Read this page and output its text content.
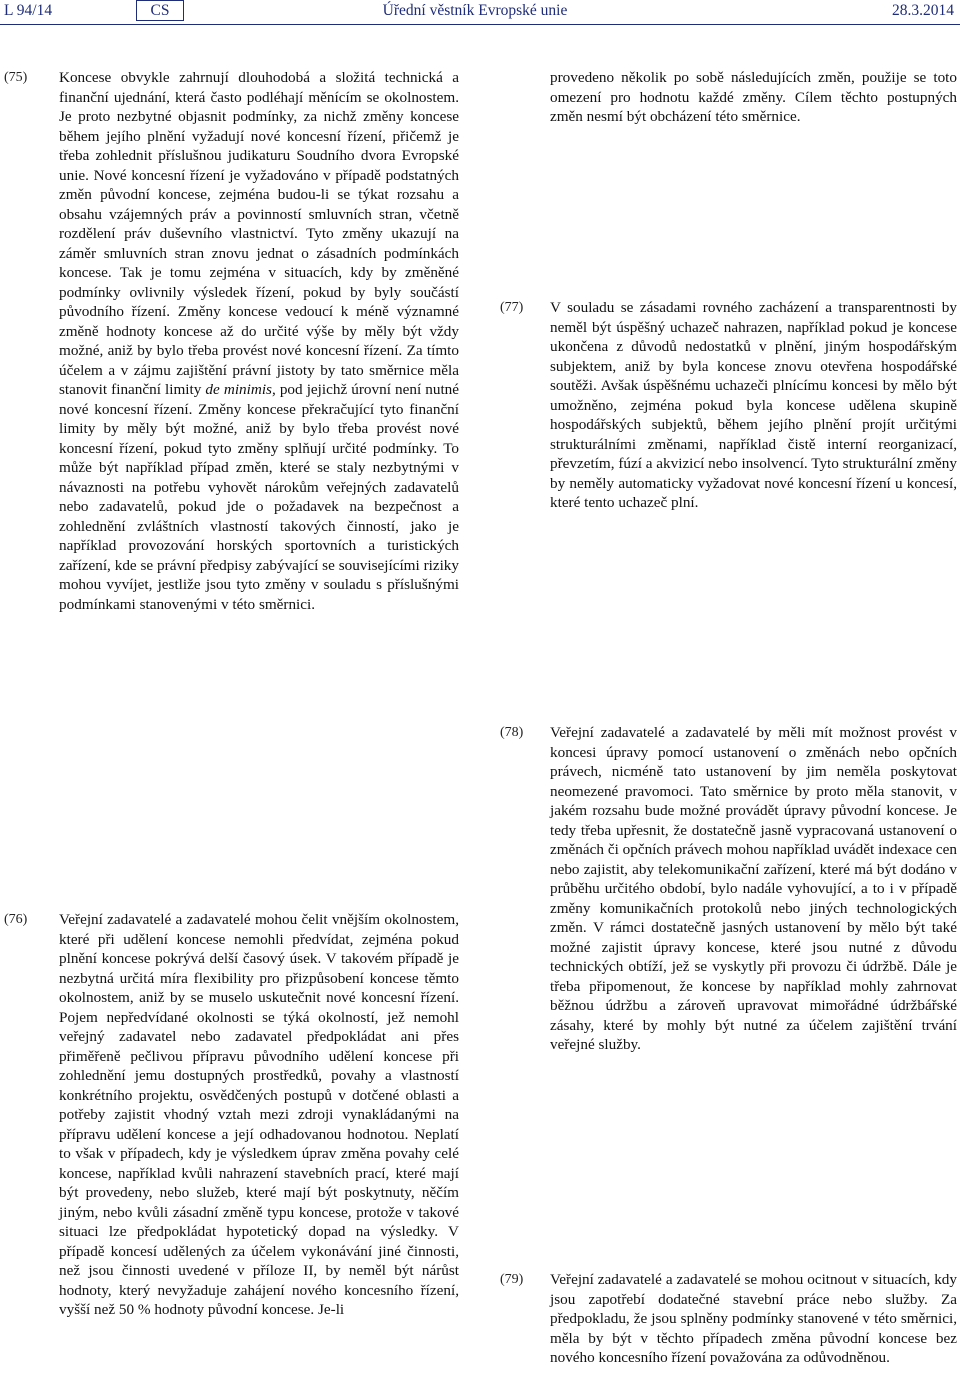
L 94/14	CS	Úřední věstník Evropské unie	28.3.2014
(75) Koncese obvykle zahrnují dlouhodobá a složitá technická a finanční ujednání, která často podléhají měnícím se okolnostem. Je proto nezbytné objasnit podmínky, za nichž změny koncese během jejího plnění vyžadují nové koncesní řízení, přičemž je třeba zohlednit příslušnou judikaturu Soudního dvora Evropské unie. Nové koncesní řízení je vyžadováno v případě podstatných změn původní koncese, zejména budou-li se týkat rozsahu a obsahu vzájemných práv a povinností smluvních stran, včetně rozdělení práv duševního vlastnictví. Tyto změny ukazují na záměr smluvních stran znovu jednat o zásadních podmínkách koncese. Tak je tomu zejména v situacích, kdy by změněné podmínky ovlivnily výsledek řízení, pokud by byly součástí původního řízení. Změny koncese vedoucí k méně významné změně hodnoty koncese až do určité výše by měly být vždy možné, aniž by bylo třeba provést nové koncesní řízení. Za tímto účelem a v zájmu zajištění právní jistoty by tato směrnice měla stanovit finanční limity de minimis, pod jejichž úrovní není nutné nové koncesní řízení. Změny koncese překračující tyto finanční limity by měly být možné, aniž by bylo třeba provést nové koncesní řízení, pokud tyto změny splňují určité podmínky. To může být například případ změn, které se staly nezbytnými v návaznosti na potřebu vyhovět nárokům veřejných zadavatelů nebo zadavatelů, pokud jde o požadavek na bezpečnost a zohlednění zvláštních vlastností takových činností, jako je například provozování horských sportovních a turistických zařízení, kde se právní předpisy zabývající se souvisejícími riziky mohou vyvíjet, jestliže jsou tyto změny v souladu s příslušnými podmínkami stanovenými v této směrnici.
(76) Veřejní zadavatelé a zadavatelé mohou čelit vnějším okolnostem, které při udělení koncese nemohli předvídat, zejména pokud plnění koncese pokrývá delší časový úsek. V takovém případě je nezbytná určitá míra flexibility pro přizpůsobení koncese těmto okolnostem, aniž by se muselo uskutečnit nové koncesní řízení. Pojem nepředvídané okolnosti se týká okolností, jež nemohl veřejný zadavatel nebo zadavatel předpokládat ani přes přiměřeně pečlivou přípravu původního udělení koncese při zohlednění jemu dostupných prostředků, povahy a vlastností konkrétního projektu, osvědčených postupů v dotčené oblasti a potřeby zajistit vhodný vztah mezi zdroji vynakládanými na přípravu udělení koncese a její odhadovanou hodnotou. Neplatí to však v případech, kdy je výsledkem úprav změna povahy celé koncese, například kvůli nahrazení stavebních prací, které mají být provedeny, nebo služeb, které mají být poskytnuty, něčím jiným, nebo kvůli zásadní změně typu koncese, protože v takové situaci lze předpokládat hypotetický dopad na výsledky. V případě koncesí udělených za účelem vykonávání jiné činnosti, než jsou činnosti uvedené v příloze II, by neměl být nárůst hodnoty, který nevyžaduje zahájení nového koncesního řízení, vyšší než 50 % hodnoty původní koncese. Je-li
provedeno několik po sobě následujících změn, použije se toto omezení pro hodnotu každé změny. Cílem těchto postupných změn nesmí být obcházení této směrnice.
(77) V souladu se zásadami rovného zacházení a transparentnosti by neměl být úspěšný uchazeč nahrazen, například pokud je koncese ukončena z důvodů nedostatků v plnění, jiným hospodářským subjektem, aniž by byla koncese znovu otevřena hospodářské soutěži. Avšak úspěšnému uchazeči plnícímu koncesi by mělo být umožněno, zejména pokud byla koncese udělena skupině hospodářských subjektů, během jejího plnění projít určitými strukturálními změnami, například čistě interní reorganizací, převzetím, fúzí a akvizicí nebo insolvencí. Tyto strukturální změny by neměly automaticky vyžadovat nové koncesní řízení u koncesí, které tento uchazeč plní.
(78) Veřejní zadavatelé a zadavatelé by měli mít možnost provést v koncesi úpravy pomocí ustanovení o změnách nebo opčních právech, nicméně tato ustanovení by jim neměla poskytovat neomezené pravomoci. Tato směrnice by proto měla stanovit, v jakém rozsahu bude možné provádět úpravy původní koncese. Je tedy třeba upřesnit, že dostatečně jasně vypracovaná ustanovení o změnách či opčních právech mohou například uvádět indexace cen nebo zajistit, aby telekomunikační zařízení, které má být dodáno v průběhu určitého období, bylo nadále vyhovující, a to i v případě změny komunikačních protokolů nebo jiných technologických změn. V rámci dostatečně jasných ustanovení by mělo být také možné zajistit úpravy koncese, které jsou nutné z důvodu technických obtíží, jež se vyskytly při provozu či údržbě. Dále je třeba připomenout, že koncese by například mohly zahrnovat běžnou údržbu a zároveň upravovat mimořádné údržbářské zásahy, které by mohly být nutné za účelem zajištění trvání veřejné služby.
(79) Veřejní zadavatelé a zadavatelé se mohou ocitnout v situacích, kdy jsou zapotřebí dodatečné stavební práce nebo služby. Za předpokladu, že jsou splněny podmínky stanovené v této směrnici, měla by být v těchto případech změna původní koncese bez nového koncesního řízení považována za odůvodněnou.
